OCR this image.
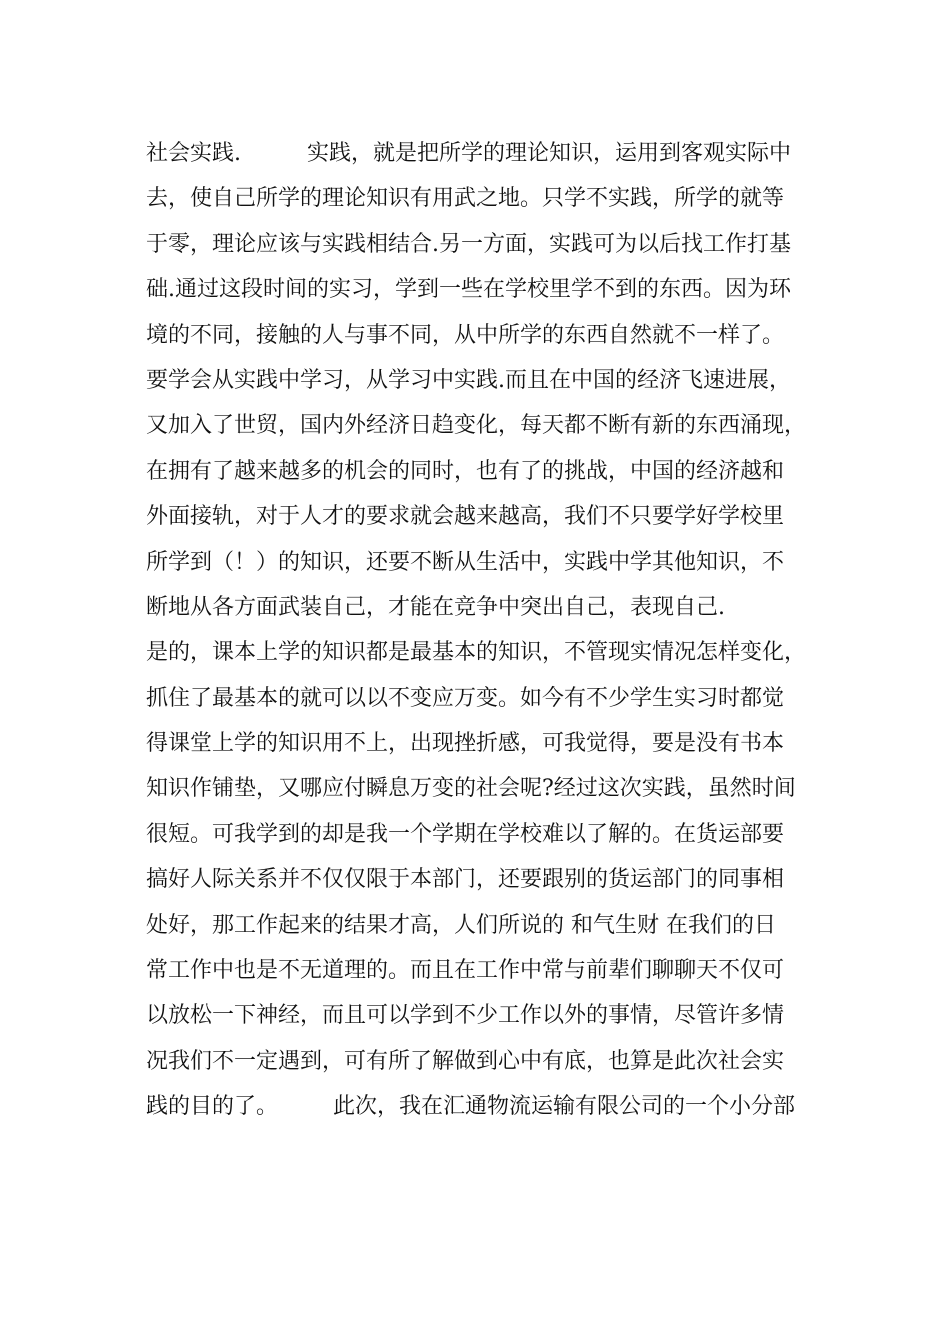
社会实践.　　　实践，就是把所学的理论知识，运用到客观实际中
去，使自己所学的理论知识有用武之地。只学不实践，所学的就等
于零，理论应该与实践相结合.另一方面，实践可为以后找工作打基
础.通过这段时间的实习，学到一些在学校里学不到的东西。因为环
境的不同，接触的人与事不同，从中所学的东西自然就不一样了。
要学会从实践中学习，从学习中实践.而且在中国的经济飞速进展，
又加入了世贸，国内外经济日趋变化，每天都不断有新的东西涌现，
在拥有了越来越多的机会的同时，也有了的挑战，中国的经济越和
外面接轨，对于人才的要求就会越来越高，我们不只要学好学校里
所学到（！）的知识，还要不断从生活中，实践中学其他知识，不
断地从各方面武装自己，才能在竞争中突出自己，表现自己.
是的，课本上学的知识都是最基本的知识，不管现实情况怎样变化，
抓住了最基本的就可以以不变应万变。如今有不少学生实习时都觉
得课堂上学的知识用不上，出现挫折感，可我觉得，要是没有书本
知识作铺垫，又哪应付瞬息万变的社会呢?经过这次实践，虽然时间
很短。可我学到的却是我一个学期在学校难以了解的。在货运部要
搞好人际关系并不仅仅限于本部门，还要跟别的货运部门的同事相
处好，那工作起来的结果才高，人们所说的 和气生财 在我们的日
常工作中也是不无道理的。而且在工作中常与前辈们聊聊天不仅可
以放松一下神经，而且可以学到不少工作以外的事情，尽管许多情
况我们不一定遇到，可有所了解做到心中有底，也算是此次社会实
践的目的了。　　　此次，我在汇通物流运输有限公司的一个小分部
